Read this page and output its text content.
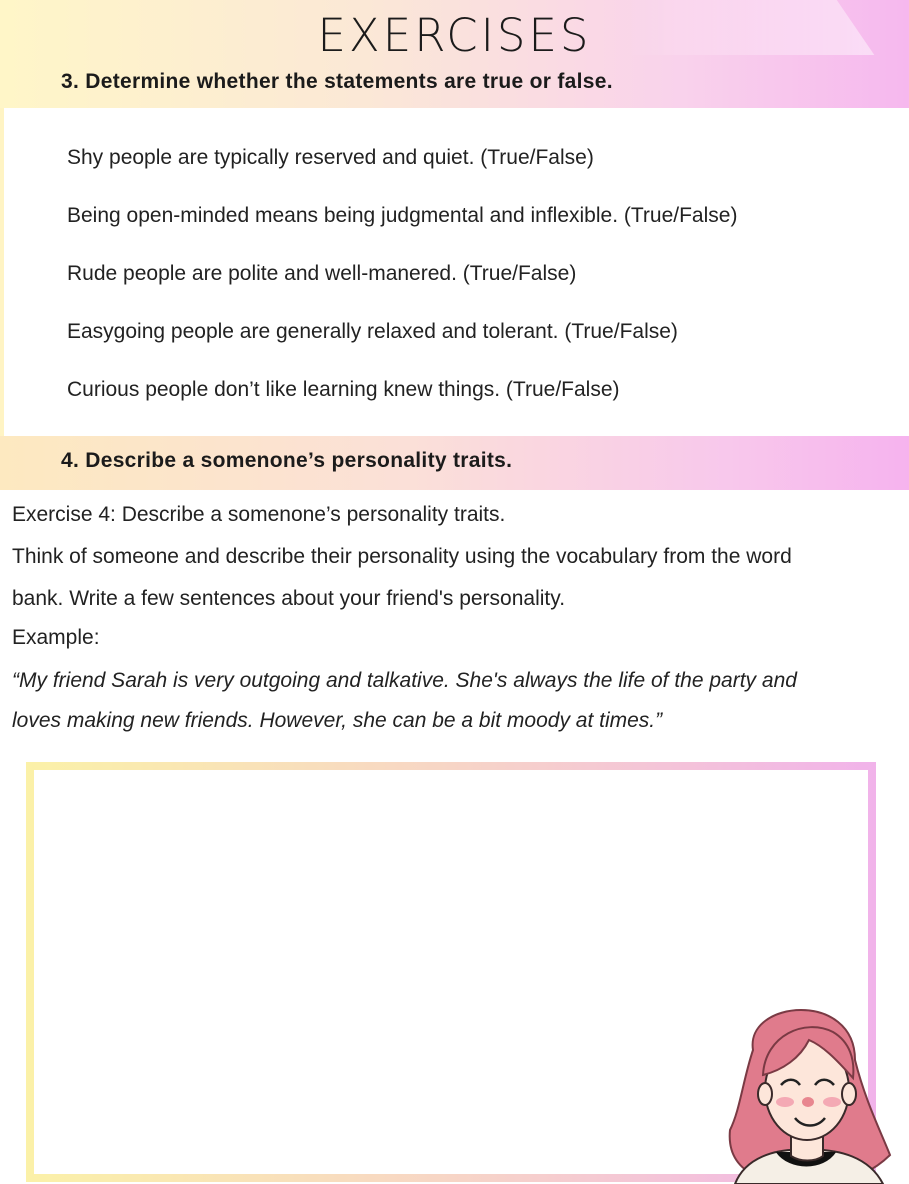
EXERCISES
3. Determine whether the statements are true or false.
Shy people are typically reserved and quiet. (True/False)
Being open-minded means being judgmental and inflexible. (True/False)
Rude people are polite and well-manered. (True/False)
Easygoing people are generally relaxed and tolerant. (True/False)
Curious people don’t like learning knew things. (True/False)
4. Describe a somenone’s personality traits.

Exercise 4: Describe a somenone’s personality traits.

Think of someone and describe their personality using the vocabulary from the word

bank. Write a few sentences about your friend's personality.

Example:

“My friend Sarah is very outgoing and talkative. She's always the life of the party and

loves making new friends. However, she can be a bit moody at times.”
